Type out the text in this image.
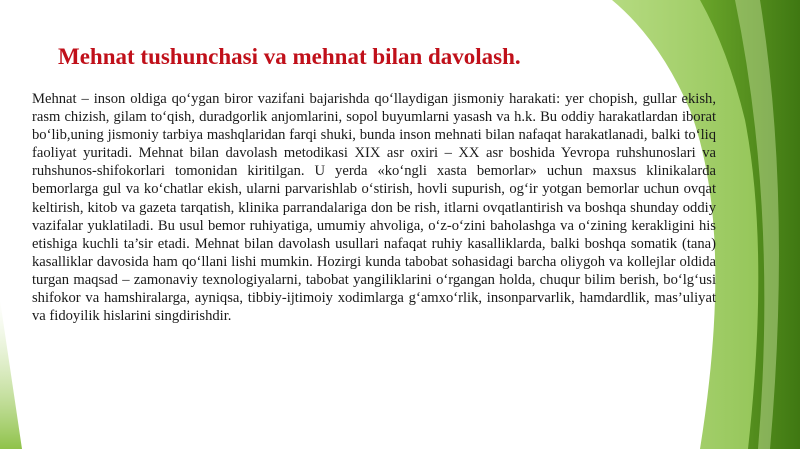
Mehnat tushunchasi va mehnat bilan davolash.

Mehnat – inson oldiga qo‘ygan biror vazifani bajarishda qo‘llaydigan jismoniy harakati: yer chopish, gullar ekish, rasm chizish, gilam to‘qish, duradgorlik anjomlarini, sopol buyumlarni yasash va h.k. Bu oddiy harakatlardan iborat bo‘lib,uning jismoniy tarbiya mashqlaridan farqi shuki, bunda inson mehnati bilan nafaqat harakatlanadi, balki to‘liq faoliyat yuritadi. Mehnat bilan davolash metodikasi XIX asr oxiri – XX asr boshida Yevropa ruhshunoslari va ruhshunos-shifokorlari tomonidan kiritilgan. U yerda «ko‘ngli xasta bemorlar» uchun maxsus klinikalarda bemorlarga gul va ko‘chatlar ekish, ularni parvarishlab o‘stirish, hovli supurish, og‘ir yotgan bemorlar uchun ovqat keltirish, kitob va gazeta tarqatish, klinika parrandalariga don be rish, itlarni ovqatlantirish va boshqa shunday oddiy vazifalar yuklatiladi. Bu usul bemor ruhiyatiga, umumiy ahvoliga, o‘z-o‘zini baholashga va o‘zining kerakligini his etishiga kuchli ta’sir etadi. Mehnat bilan davolash usullari nafaqat ruhiy kasalliklarda, balki boshqa somatik (tana) kasalliklar davosida ham qo‘llani lishi mumkin. Hozirgi kunda tabobat sohasidagi barcha oliygoh va kollejlar oldida turgan maqsad – zamonaviy texnologiyalarni, tabobat yangiliklarini o‘rgangan holda, chuqur bilim berish, bo‘lg‘usi shifokor va hamshiralarga, ayniqsa, tibbiy-ijtimoiy xodimlarga g‘amxo‘rlik, insonparvarlik, hamdardlik, mas’uliyat va fidoyilik hislarini singdirishdir.
